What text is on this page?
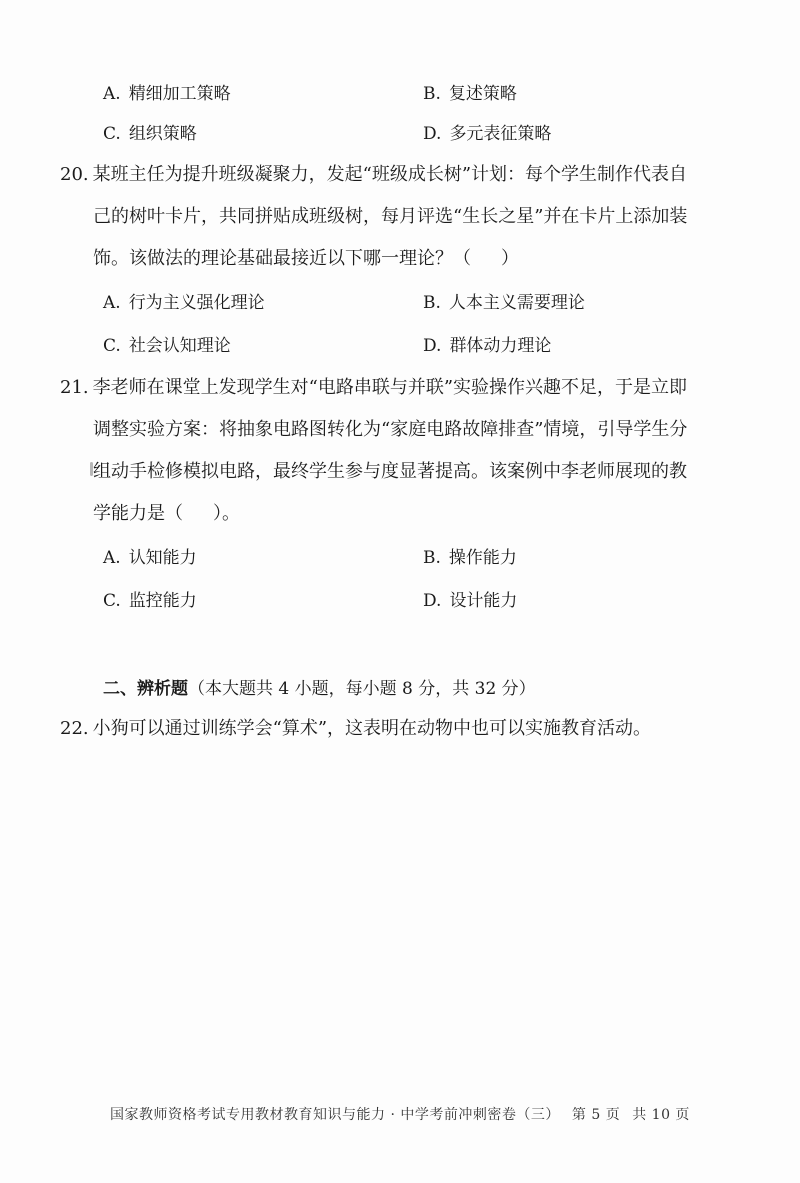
A. 精细加工策略	B. 复述策略
C. 组织策略	D. 多元表征策略
20. 某班主任为提升班级凝聚力，发起“班级成长树”计划：每个学生制作代表自
己的树叶卡片，共同拼贴成班级树，每月评选“生长之星”并在卡片上添加装
饰。该做法的理论基础最接近以下哪一理论？（ ）
A. 行为主义强化理论	B. 人本主义需要理论
C. 社会认知理论	D. 群体动力理论
21. 李老师在课堂上发现学生对“电路串联与并联”实验操作兴趣不足，于是立即
调整实验方案：将抽象电路图转化为“家庭电路故障排查”情境，引导学生分
组动手检修模拟电路，最终学生参与度显著提高。该案例中李老师展现的教
学能力是（ ）。
A. 认知能力	B. 操作能力
C. 监控能力	D. 设计能力
二、辨析题（本大题共 4 小题，每小题 8 分，共 32 分）
22. 小狗可以通过训练学会“算术”，这表明在动物中也可以实施教育活动。
国家教师资格考试专用教材教育知识与能力 · 中学考前冲刺密卷（三） 第 5 页 共 10 页
